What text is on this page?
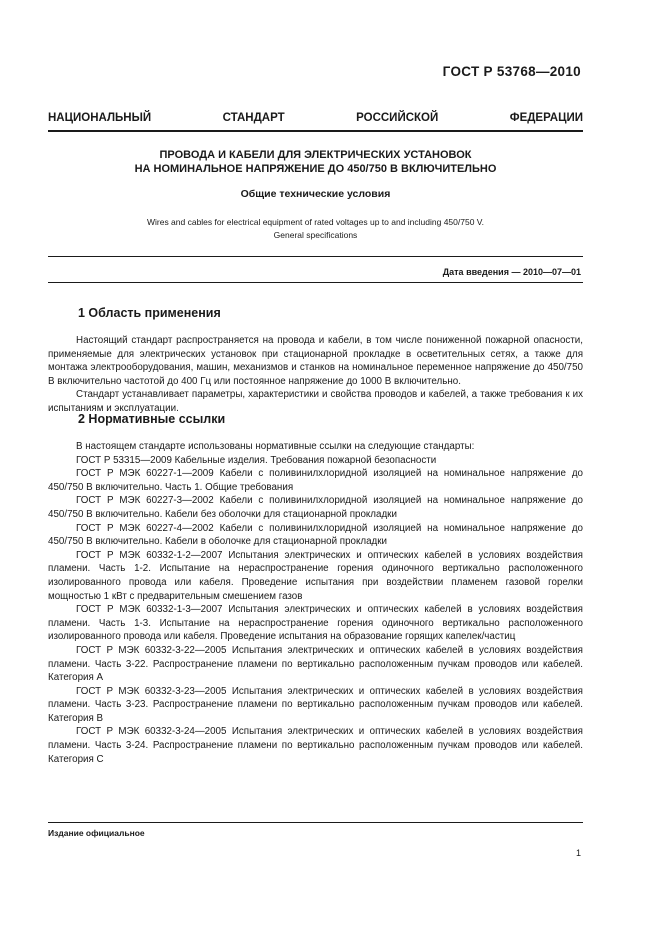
ГОСТ Р 53768—2010
НАЦИОНАЛЬНЫЙ СТАНДАРТ РОССИЙСКОЙ ФЕДЕРАЦИИ
ПРОВОДА И КАБЕЛИ ДЛЯ ЭЛЕКТРИЧЕСКИХ УСТАНОВОК
НА НОМИНАЛЬНОЕ НАПРЯЖЕНИЕ ДО 450/750 В ВКЛЮЧИТЕЛЬНО
Общие технические условия
Wires and cables for electrical equipment of rated voltages up to and including 450/750 V.
General specifications
Дата введения — 2010—07—01
1 Область применения

Настоящий стандарт распространяется на провода и кабели, в том числе пониженной пожарной опасности, применяемые для электрических установок при стационарной прокладке в осветительных сетях, а также для монтажа электрооборудования, машин, механизмов и станков на номинальное переменное напряжение до 450/750 В включительно частотой до 400 Гц или постоянное напряжение до 1000 В включительно.

Стандарт устанавливает параметры, характеристики и свойства проводов и кабелей, а также требования к их испытаниям и эксплуатации.

2 Нормативные ссылки

В настоящем стандарте использованы нормативные ссылки на следующие стандарты:

ГОСТ Р 53315—2009 Кабельные изделия. Требования пожарной безопасности

ГОСТ Р МЭК 60227-1—2009 Кабели с поливинилхлоридной изоляцией на номинальное напряжение до 450/750 В включительно. Часть 1. Общие требования

ГОСТ Р МЭК 60227-3—2002 Кабели с поливинилхлоридной изоляцией на номинальное напряжение до 450/750 В включительно. Кабели без оболочки для стационарной прокладки

ГОСТ Р МЭК 60227-4—2002 Кабели с поливинилхлоридной изоляцией на номинальное напряжение до 450/750 В включительно. Кабели в оболочке для стационарной прокладки

ГОСТ Р МЭК 60332-1-2—2007 Испытания электрических и оптических кабелей в условиях воздействия пламени. Часть 1-2. Испытание на нераспространение горения одиночного вертикально расположенного изолированного провода или кабеля. Проведение испытания при воздействии пламенем газовой горелки мощностью 1 кВт с предварительным смешением газов

ГОСТ Р МЭК 60332-1-3—2007 Испытания электрических и оптических кабелей в условиях воздействия пламени. Часть 1-3. Испытание на нераспространение горения одиночного вертикально расположенного изолированного провода или кабеля. Проведение испытания на образование горящих капелек/частиц

ГОСТ Р МЭК 60332-3-22—2005 Испытания электрических и оптических кабелей в условиях воздействия пламени. Часть 3-22. Распространение пламени по вертикально расположенным пучкам проводов или кабелей. Категория А

ГОСТ Р МЭК 60332-3-23—2005 Испытания электрических и оптических кабелей в условиях воздействия пламени. Часть 3-23. Распространение пламени по вертикально расположенным пучкам проводов или кабелей. Категория В

ГОСТ Р МЭК 60332-3-24—2005 Испытания электрических и оптических кабелей в условиях воздействия пламени. Часть 3-24. Распространение пламени по вертикально расположенным пучкам проводов или кабелей. Категория С

Издание официальное
1
